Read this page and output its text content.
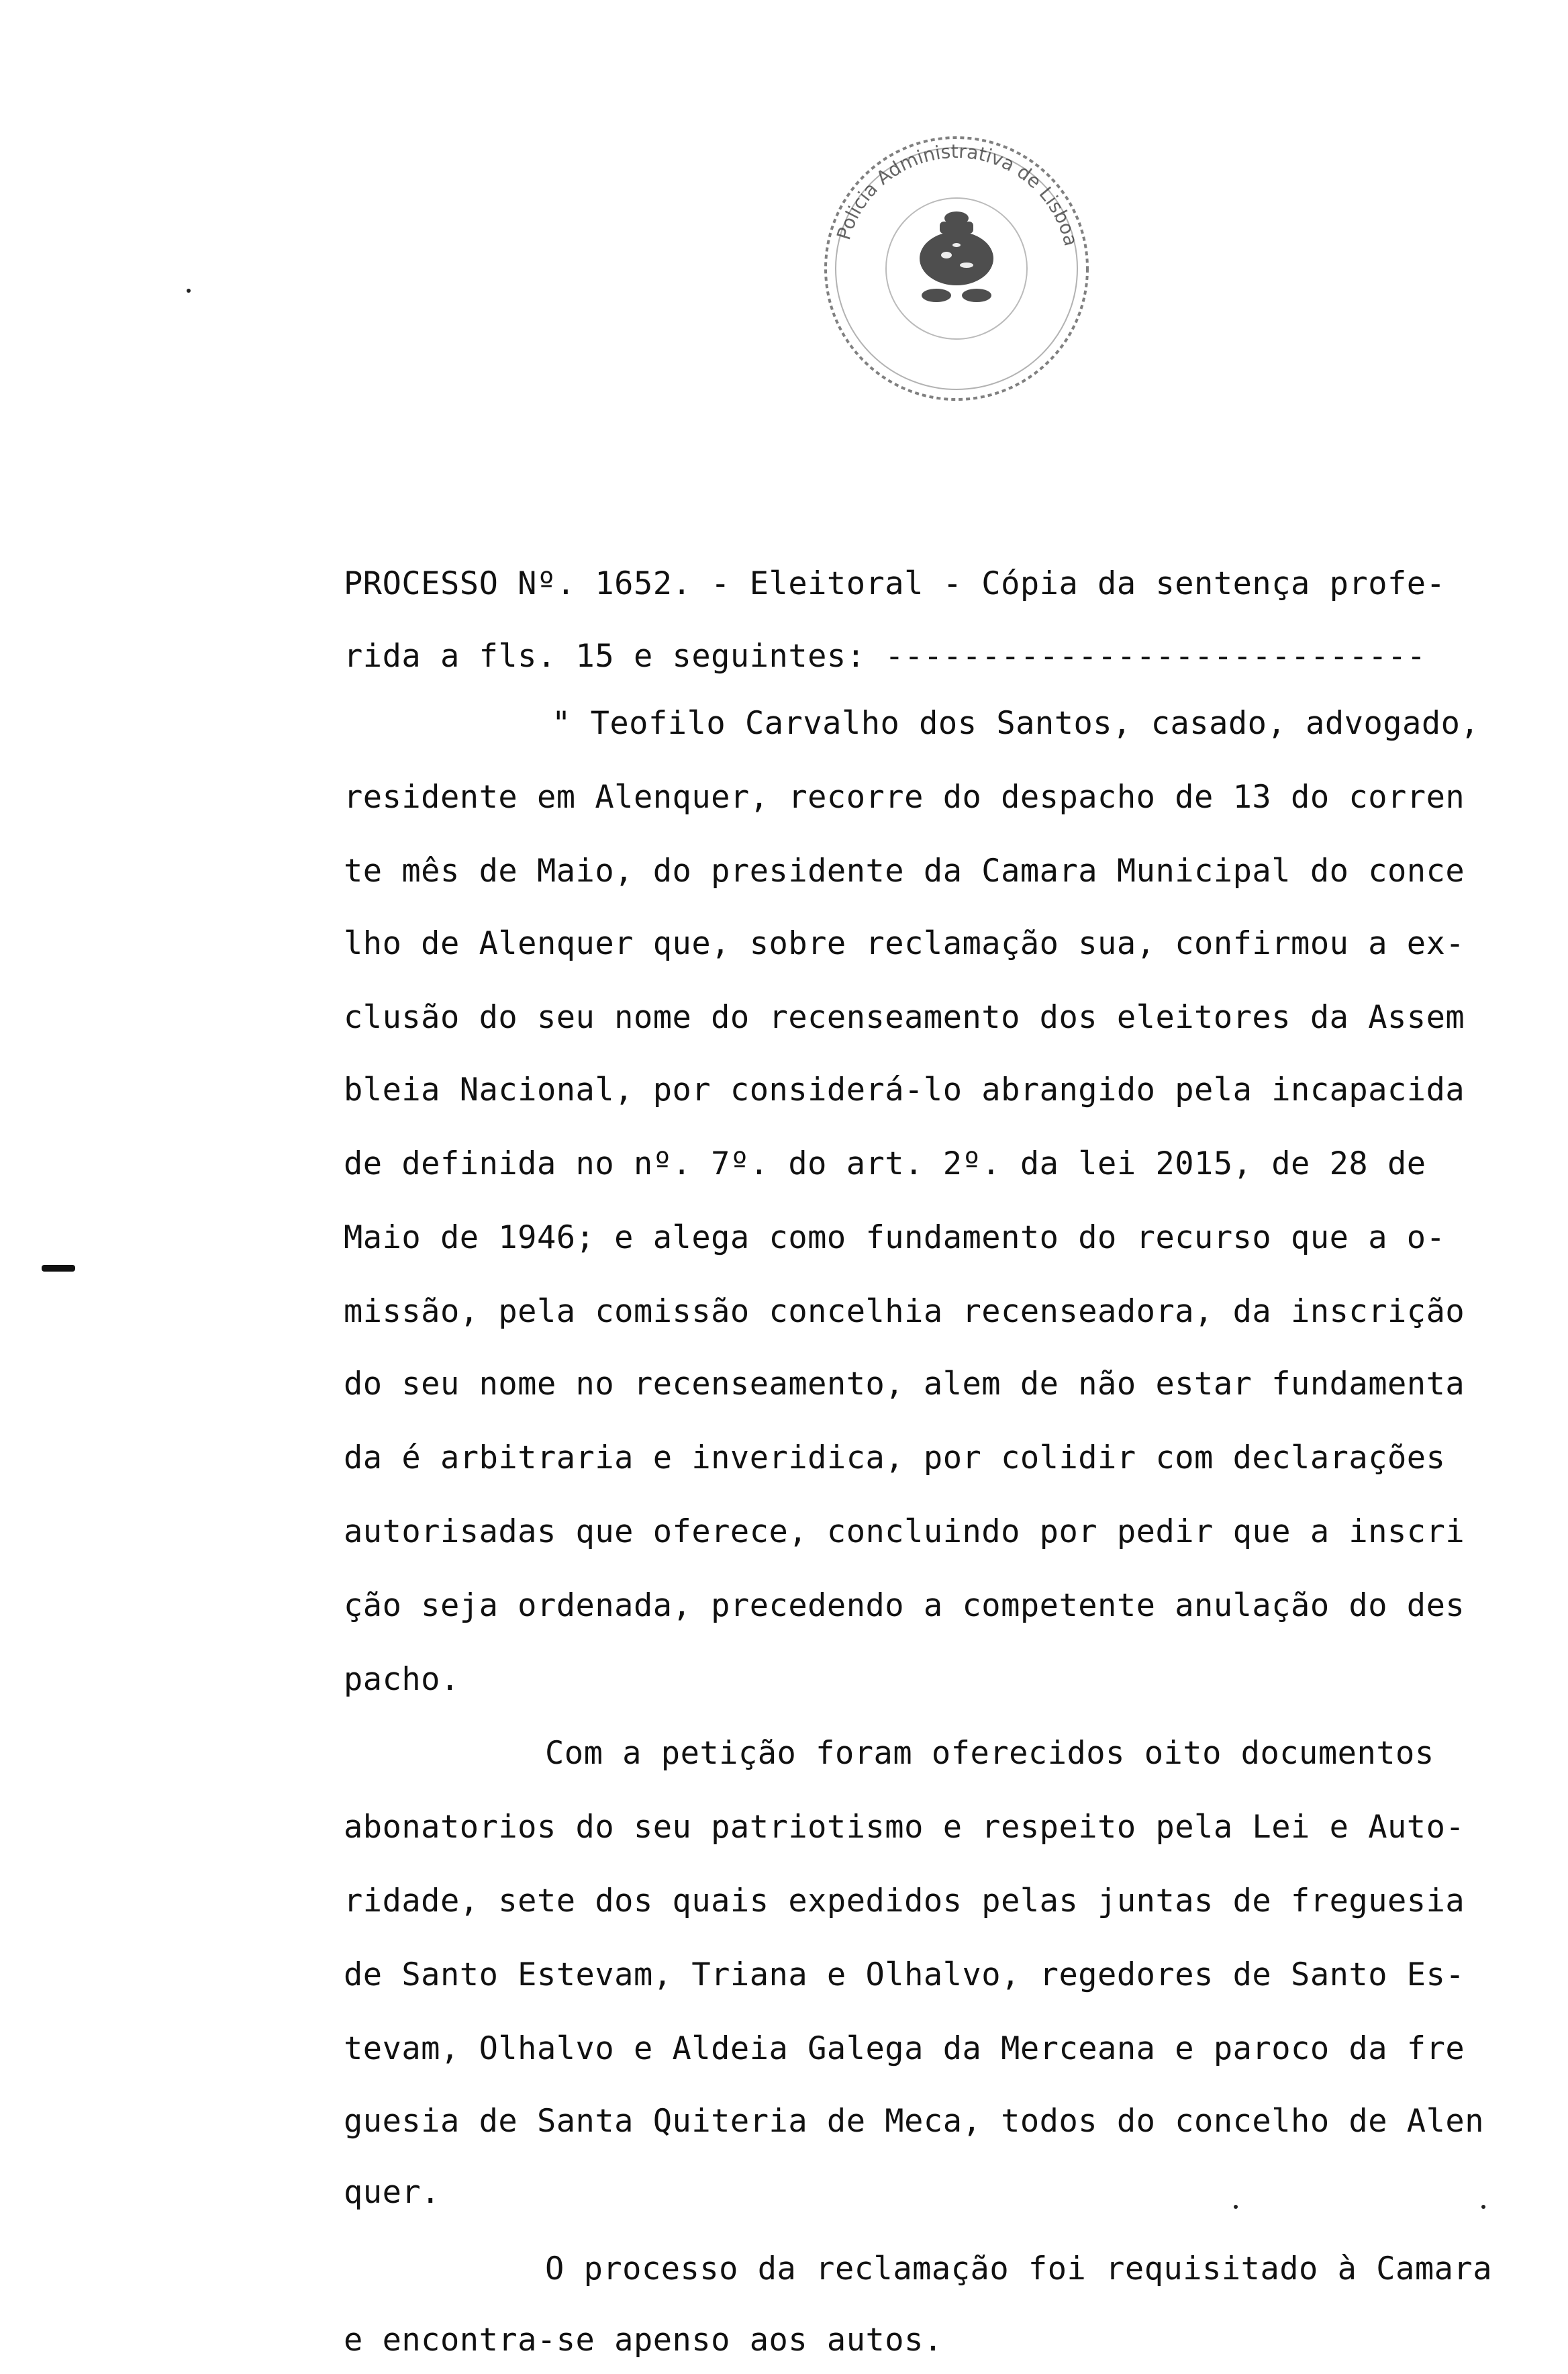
Policia Administrativa de Lisboa
PROCESSO Nº. 1652. - Eleitoral - Cópia da sentença profe-
rida a fls. 15 e seguintes: ----------------------------
" Teofilo Carvalho dos Santos, casado, advogado,
residente em Alenquer, recorre do despacho de 13 do corren
te mês de Maio, do presidente da Camara Municipal do conce
lho de Alenquer que, sobre reclamação sua, confirmou a ex-
clusão do seu nome do recenseamento dos eleitores da Assem
bleia Nacional, por considerá-lo abrangido pela incapacida
de definida no nº. 7º. do art. 2º. da lei 2015, de 28 de
Maio de 1946; e alega como fundamento do recurso que a o-
missão, pela comissão concelhia recenseadora, da inscrição
do seu nome no recenseamento, alem de não estar fundamenta
da é arbitraria e inveridica, por colidir com declarações
autorisadas que oferece, concluindo por pedir que a inscri
ção seja ordenada, precedendo a competente anulação do des
pacho.
Com a petição foram oferecidos oito documentos
abonatorios do seu patriotismo e respeito pela Lei e Auto-
ridade, sete dos quais expedidos pelas juntas de freguesia
de Santo Estevam, Triana e Olhalvo, regedores de Santo Es-
tevam, Olhalvo e Aldeia Galega da Merceana e paroco da fre
guesia de Santa Quiteria de Meca, todos do concelho de Alen
quer.
O processo da reclamação foi requisitado à Camara
e encontra-se apenso aos autos.
